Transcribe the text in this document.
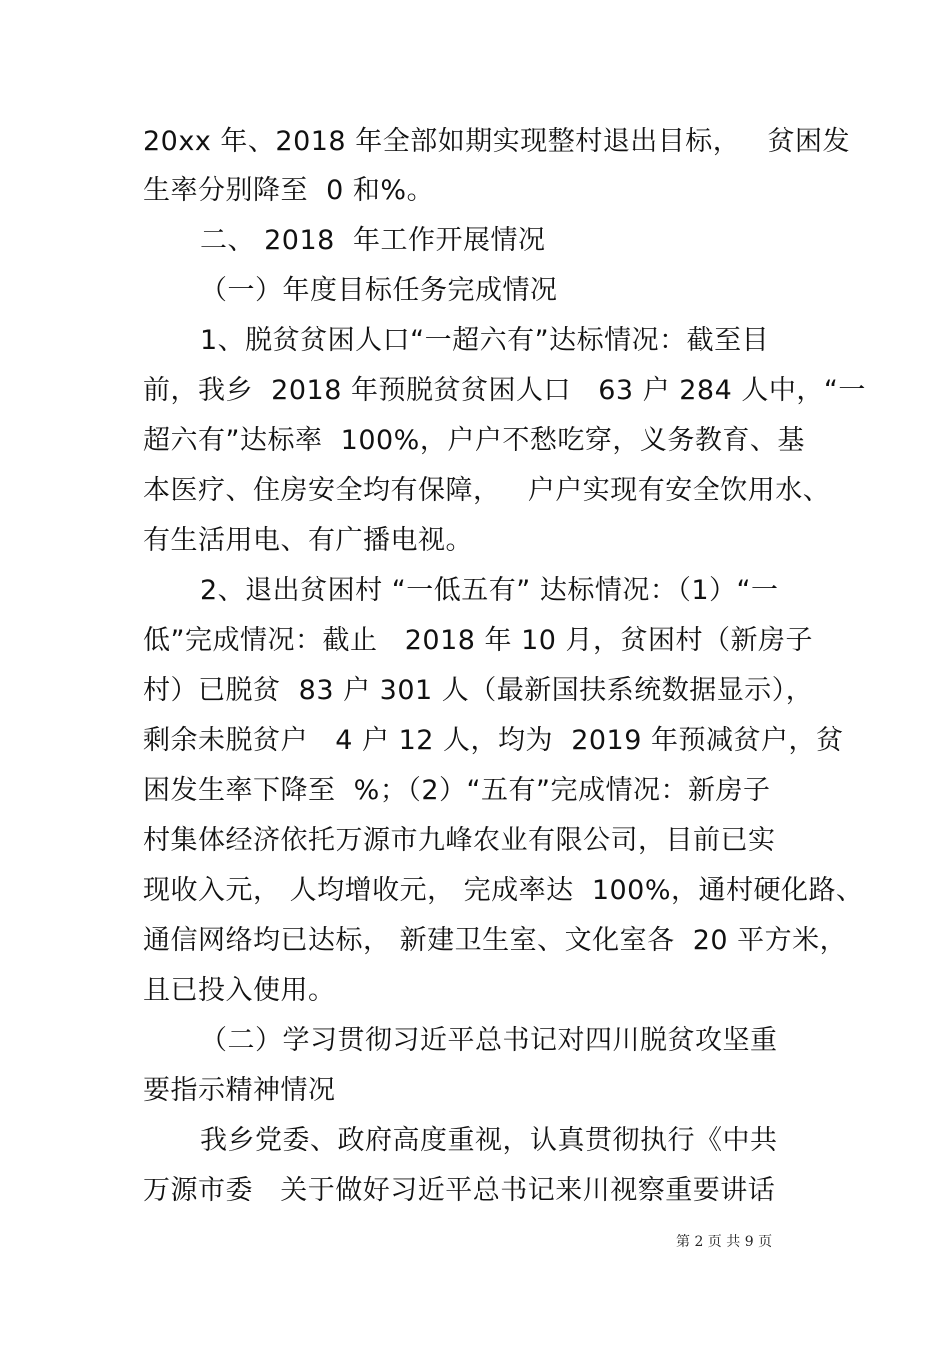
20xx 年、2018 年全部如期实现整村退出目标，   贫困发
生率分别降至  0 和%。
二、 2018  年工作开展情况
（一）年度目标任务完成情况
1、脱贫贫困人口“一超六有”达标情况：截至目
前，我乡  2018 年预脱贫贫困人口   63 户 284 人中，“一
超六有”达标率  100%，户户不愁吃穿，义务教育、基
本医疗、住房安全均有保障，   户户实现有安全饮用水、
有生活用电、有广播电视。
2、退出贫困村 “一低五有” 达标情况：（1）“一
低”完成情况：截止   2018 年 10 月，贫困村（新房子
村）已脱贫  83 户 301 人（最新国扶系统数据显示），
剩余未脱贫户   4 户 12 人，均为  2019 年预减贫户，贫
困发生率下降至  %；（2）“五有”完成情况：新房子
村集体经济依托万源市九峰农业有限公司，目前已实
现收入元， 人均增收元， 完成率达  100%，通村硬化路、
通信网络均已达标， 新建卫生室、文化室各  20 平方米，
且已投入使用。
（二）学习贯彻习近平总书记对四川脱贫攻坚重
要指示精神情况
我乡党委、政府高度重视，认真贯彻执行《中共
万源市委   关于做好习近平总书记来川视察重要讲话
第 2 页 共 9 页
